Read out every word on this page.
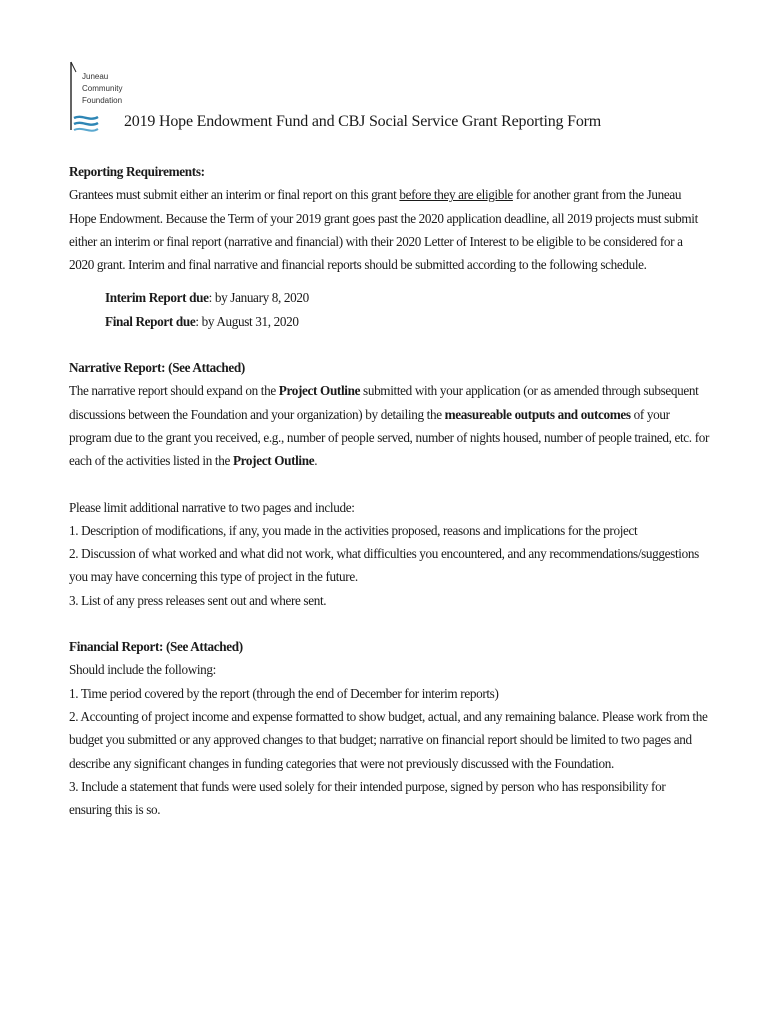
Juneau
Community
Foundation
2019 Hope Endowment Fund and CBJ Social Service Grant Reporting Form

Reporting Requirements:

Grantees must submit either an interim or final report on this grant before they are eligible for another grant from the Juneau Hope Endowment. Because the Term of your 2019 grant goes past the 2020 application deadline, all 2019 projects must submit either an interim or final report (narrative and financial) with their 2020 Letter of Interest to be eligible to be considered for a 2020 grant. Interim and final narrative and financial reports should be submitted according to the following schedule.

Interim Report due: by January 8, 2020

Final Report due: by August 31, 2020

Narrative Report: (See Attached)

The narrative report should expand on the Project Outline submitted with your application (or as amended through subsequent discussions between the Foundation and your organization) by detailing the measureable outputs and outcomes of your program due to the grant you received, e.g., number of people served, number of nights housed, number of people trained, etc. for each of the activities listed in the Project Outline.

Please limit additional narrative to two pages and include:

1. Description of modifications, if any, you made in the activities proposed, reasons and implications for the project

2. Discussion of what worked and what did not work, what difficulties you encountered, and any recommendations/suggestions you may have concerning this type of project in the future.

3. List of any press releases sent out and where sent.

Financial Report: (See Attached)

Should include the following:

1. Time period covered by the report (through the end of December for interim reports)

2. Accounting of project income and expense formatted to show budget, actual, and any remaining balance. Please work from the budget you submitted or any approved changes to that budget; narrative on financial report should be limited to two pages and describe any significant changes in funding categories that were not previously discussed with the Foundation.

3. Include a statement that funds were used solely for their intended purpose, signed by person who has responsibility for ensuring this is so.
